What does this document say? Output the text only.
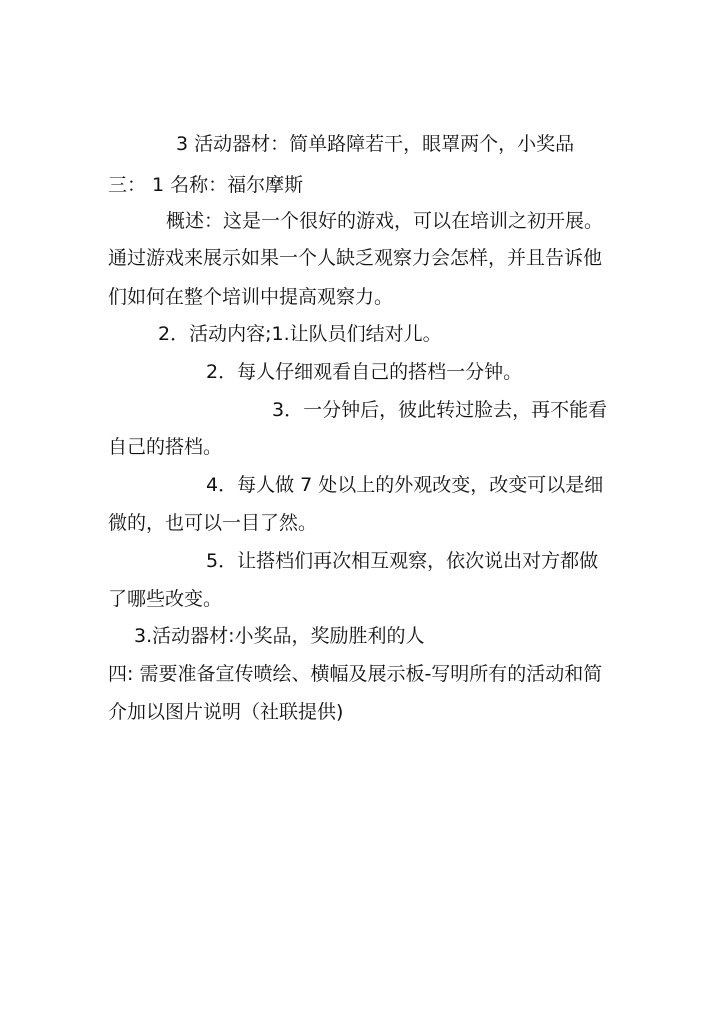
3 活动器材：简单路障若干，眼罩两个，小奖品
三： 1 名称：福尔摩斯
概述：这是一个很好的游戏，可以在培训之初开展。
通过游戏来展示如果一个人缺乏观察力会怎样，并且告诉他
们如何在整个培训中提高观察力。
2．活动内容;1.让队员们结对儿。
2．每人仔细观看自己的搭档一分钟。
3．一分钟后，彼此转过脸去，再不能看
自己的搭档。
4．每人做 7 处以上的外观改变，改变可以是细
微的，也可以一目了然。
5．让搭档们再次相互观察，依次说出对方都做
了哪些改变。
3.活动器材:小奖品，奖励胜利的人
四: 需要准备宣传喷绘、横幅及展示板-写明所有的活动和简
介加以图片说明（社联提供)
